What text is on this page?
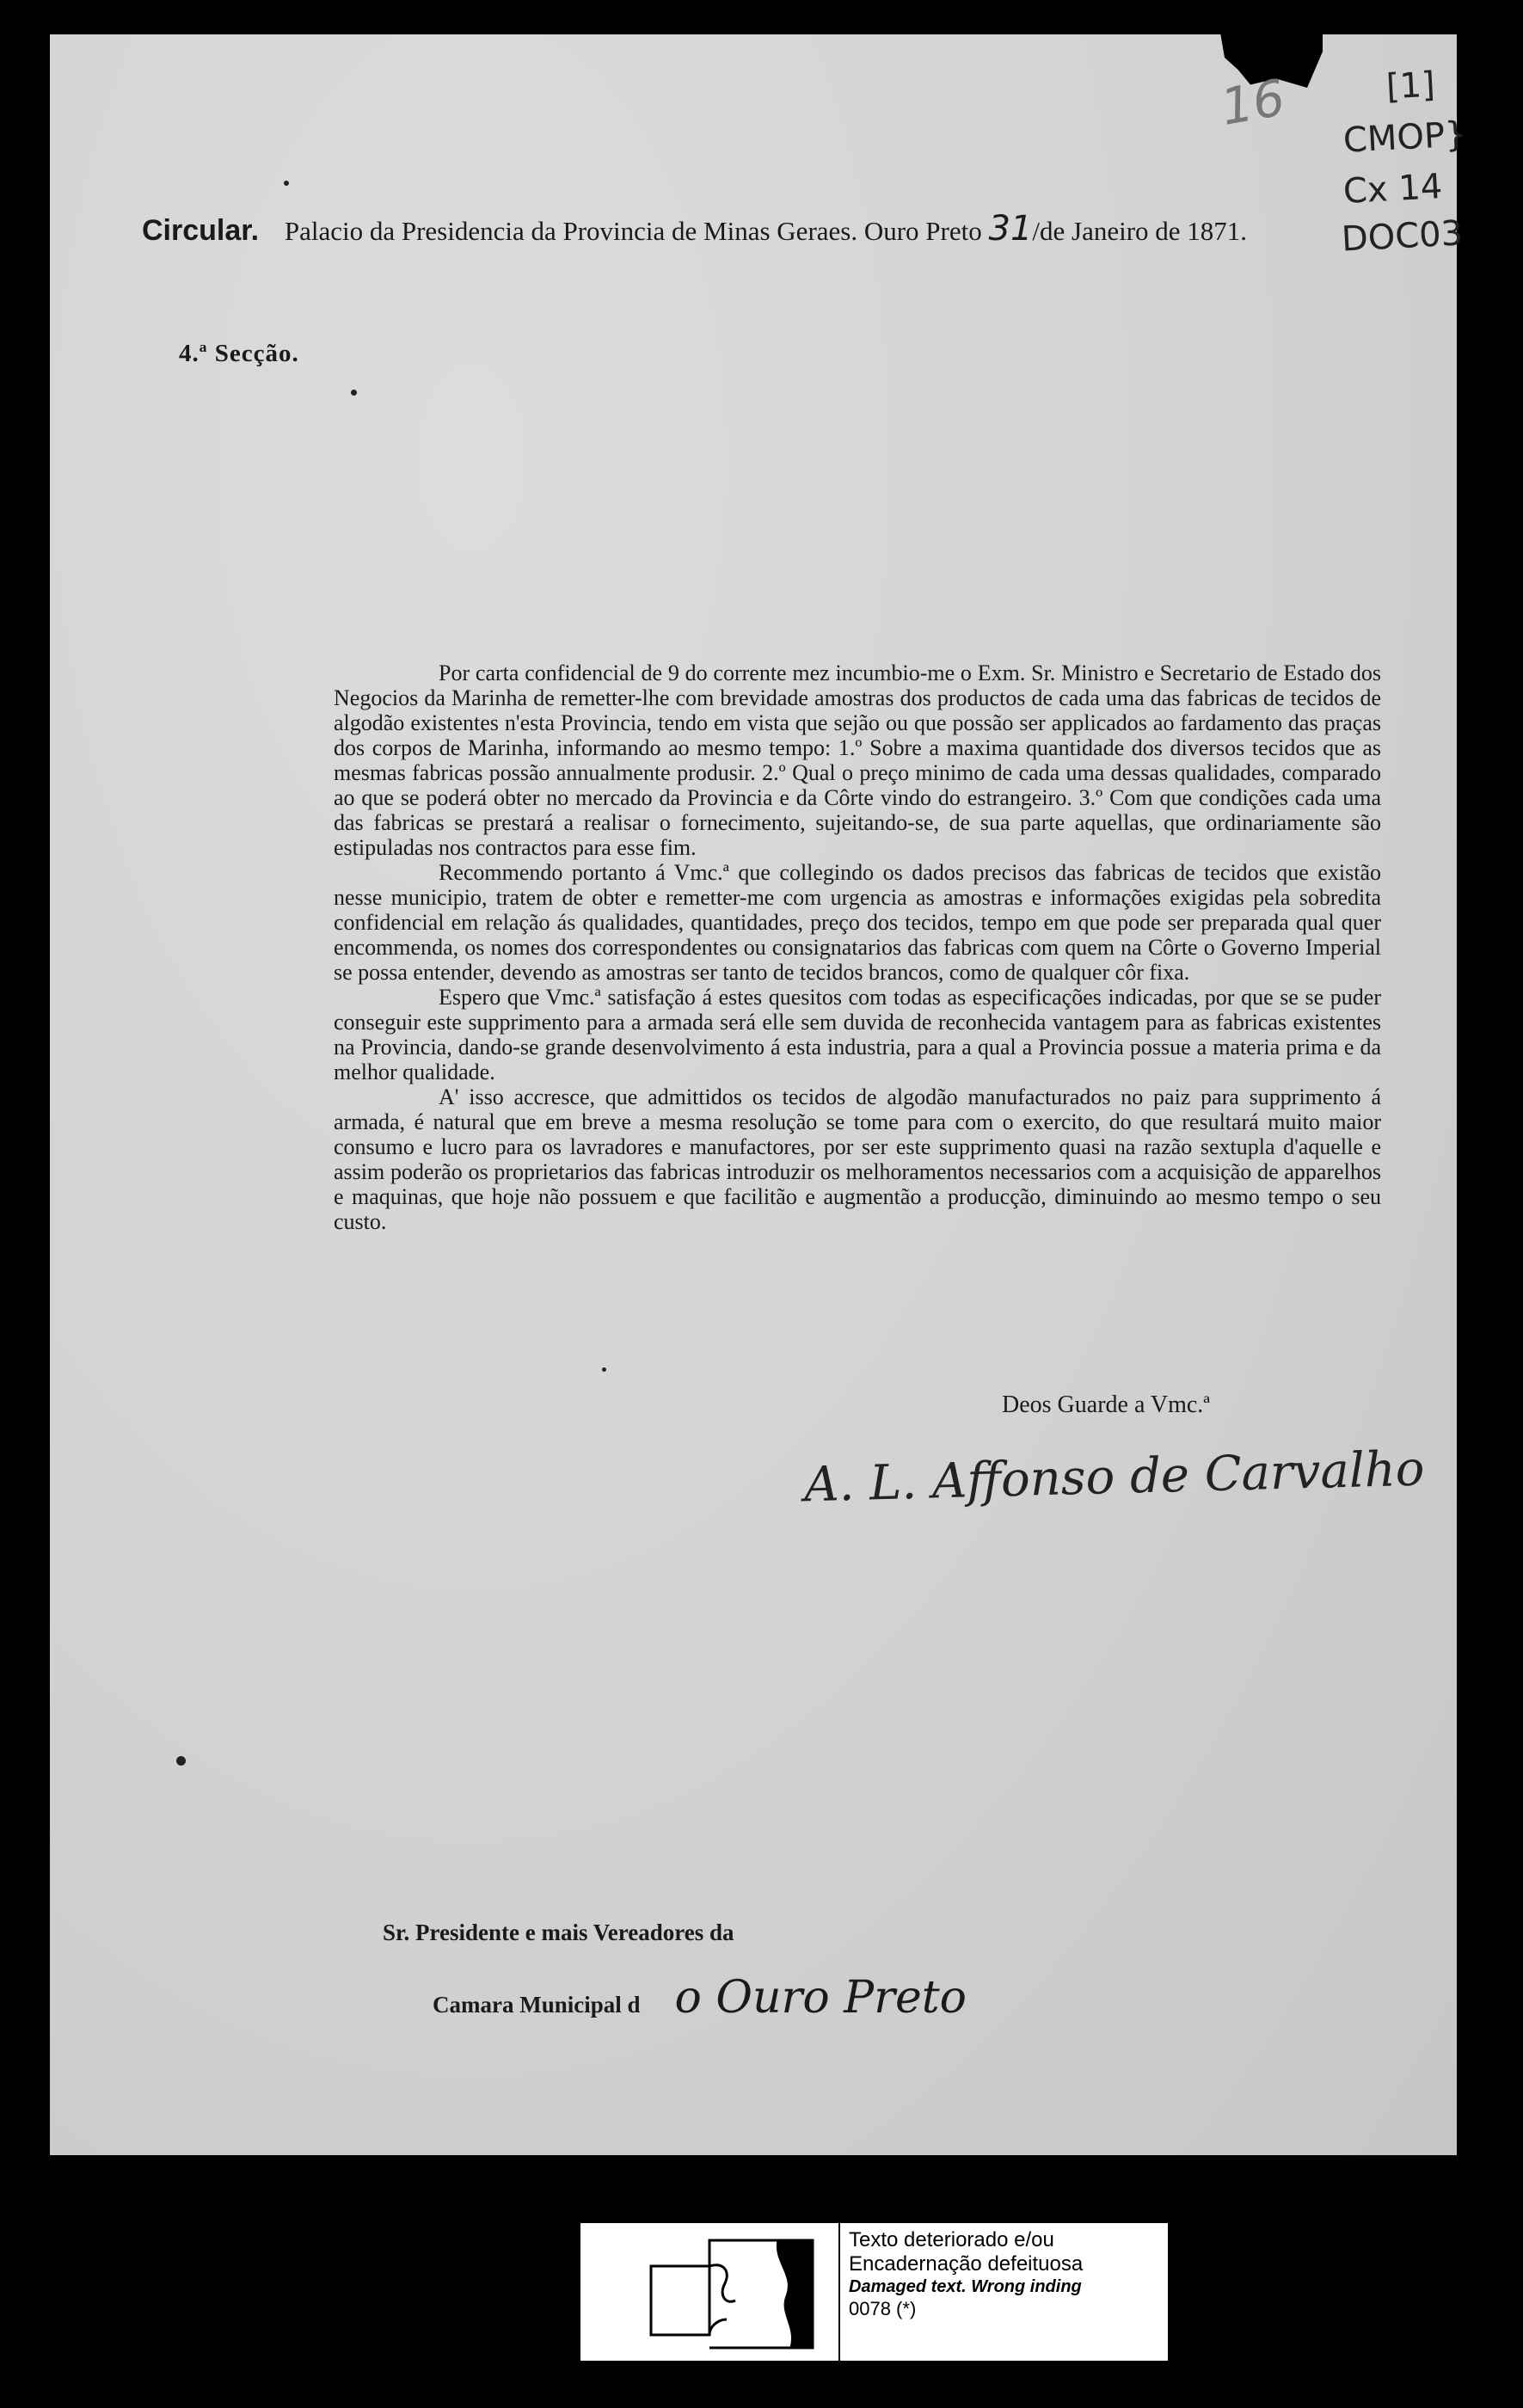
16	[1]
CMOP}
Cx 14
DOC03
Circular. Palacio da Presidencia da Provincia de Minas Geraes. Ouro Preto 31/de Janeiro de 1871.
4.ª Secção.

Por carta confidencial de 9 do corrente mez incumbio-me o Exm. Sr. Ministro e Secretario de Estado dos Negocios da Marinha de remetter-lhe com brevidade amostras dos productos de cada uma das fabricas de tecidos de algodão existentes n'esta Provincia, tendo em vista que sejão ou que possão ser applicados ao fardamento das praças dos corpos de Marinha, informando ao mesmo tempo: 1.º Sobre a maxima quantidade dos diversos tecidos que as mesmas fabricas possão annualmente produsir. 2.º Qual o preço minimo de cada uma dessas qualidades, comparado ao que se poderá obter no mercado da Provincia e da Côrte vindo do estrangeiro. 3.º Com que condições cada uma das fabricas se prestará a realisar o fornecimento, sujeitando-se, de sua parte aquellas, que ordinariamente são estipuladas nos contractos para esse fim.

Recommendo portanto á Vmc.ª que collegindo os dados precisos das fabricas de tecidos que existão nesse municipio, tratem de obter e remetter-me com urgencia as amostras e informações exigidas pela sobredita confidencial em relação ás qualidades, quantidades, preço dos tecidos, tempo em que pode ser preparada qual quer encommenda, os nomes dos correspondentes ou consignatarios das fabricas com quem na Côrte o Governo Imperial se possa entender, devendo as amostras ser tanto de tecidos brancos, como de qualquer côr fixa.

Espero que Vmc.ª satisfação á estes quesitos com todas as especificações indicadas, por que se se puder conseguir este supprimento para a armada será elle sem duvida de reconhecida vantagem para as fabricas existentes na Provincia, dando-se grande desenvolvimento á esta industria, para a qual a Provincia possue a materia prima e da melhor qualidade.

A' isso accresce, que admittidos os tecidos de algodão manufacturados no paiz para supprimento á armada, é natural que em breve a mesma resolução se tome para com o exercito, do que resultará muito maior consumo e lucro para os lavradores e manufactores, por ser este supprimento quasi na razão sextupla d'aquelle e assim poderão os proprietarios das fabricas introduzir os melhoramentos necessarios com a acquisição de apparelhos e maquinas, que hoje não possuem e que facilitão e augmentão a producção, diminuindo ao mesmo tempo o seu custo.

Deos Guarde a Vmc.ª
A. L. Affonso de Carvalho
Sr. Presidente e mais Vereadores da
Camara Municipal d o Ouro Preto
Texto deteriorado e/ou
Encadernação defeituosa
Damaged text. Wrong inding
0078 (*)
